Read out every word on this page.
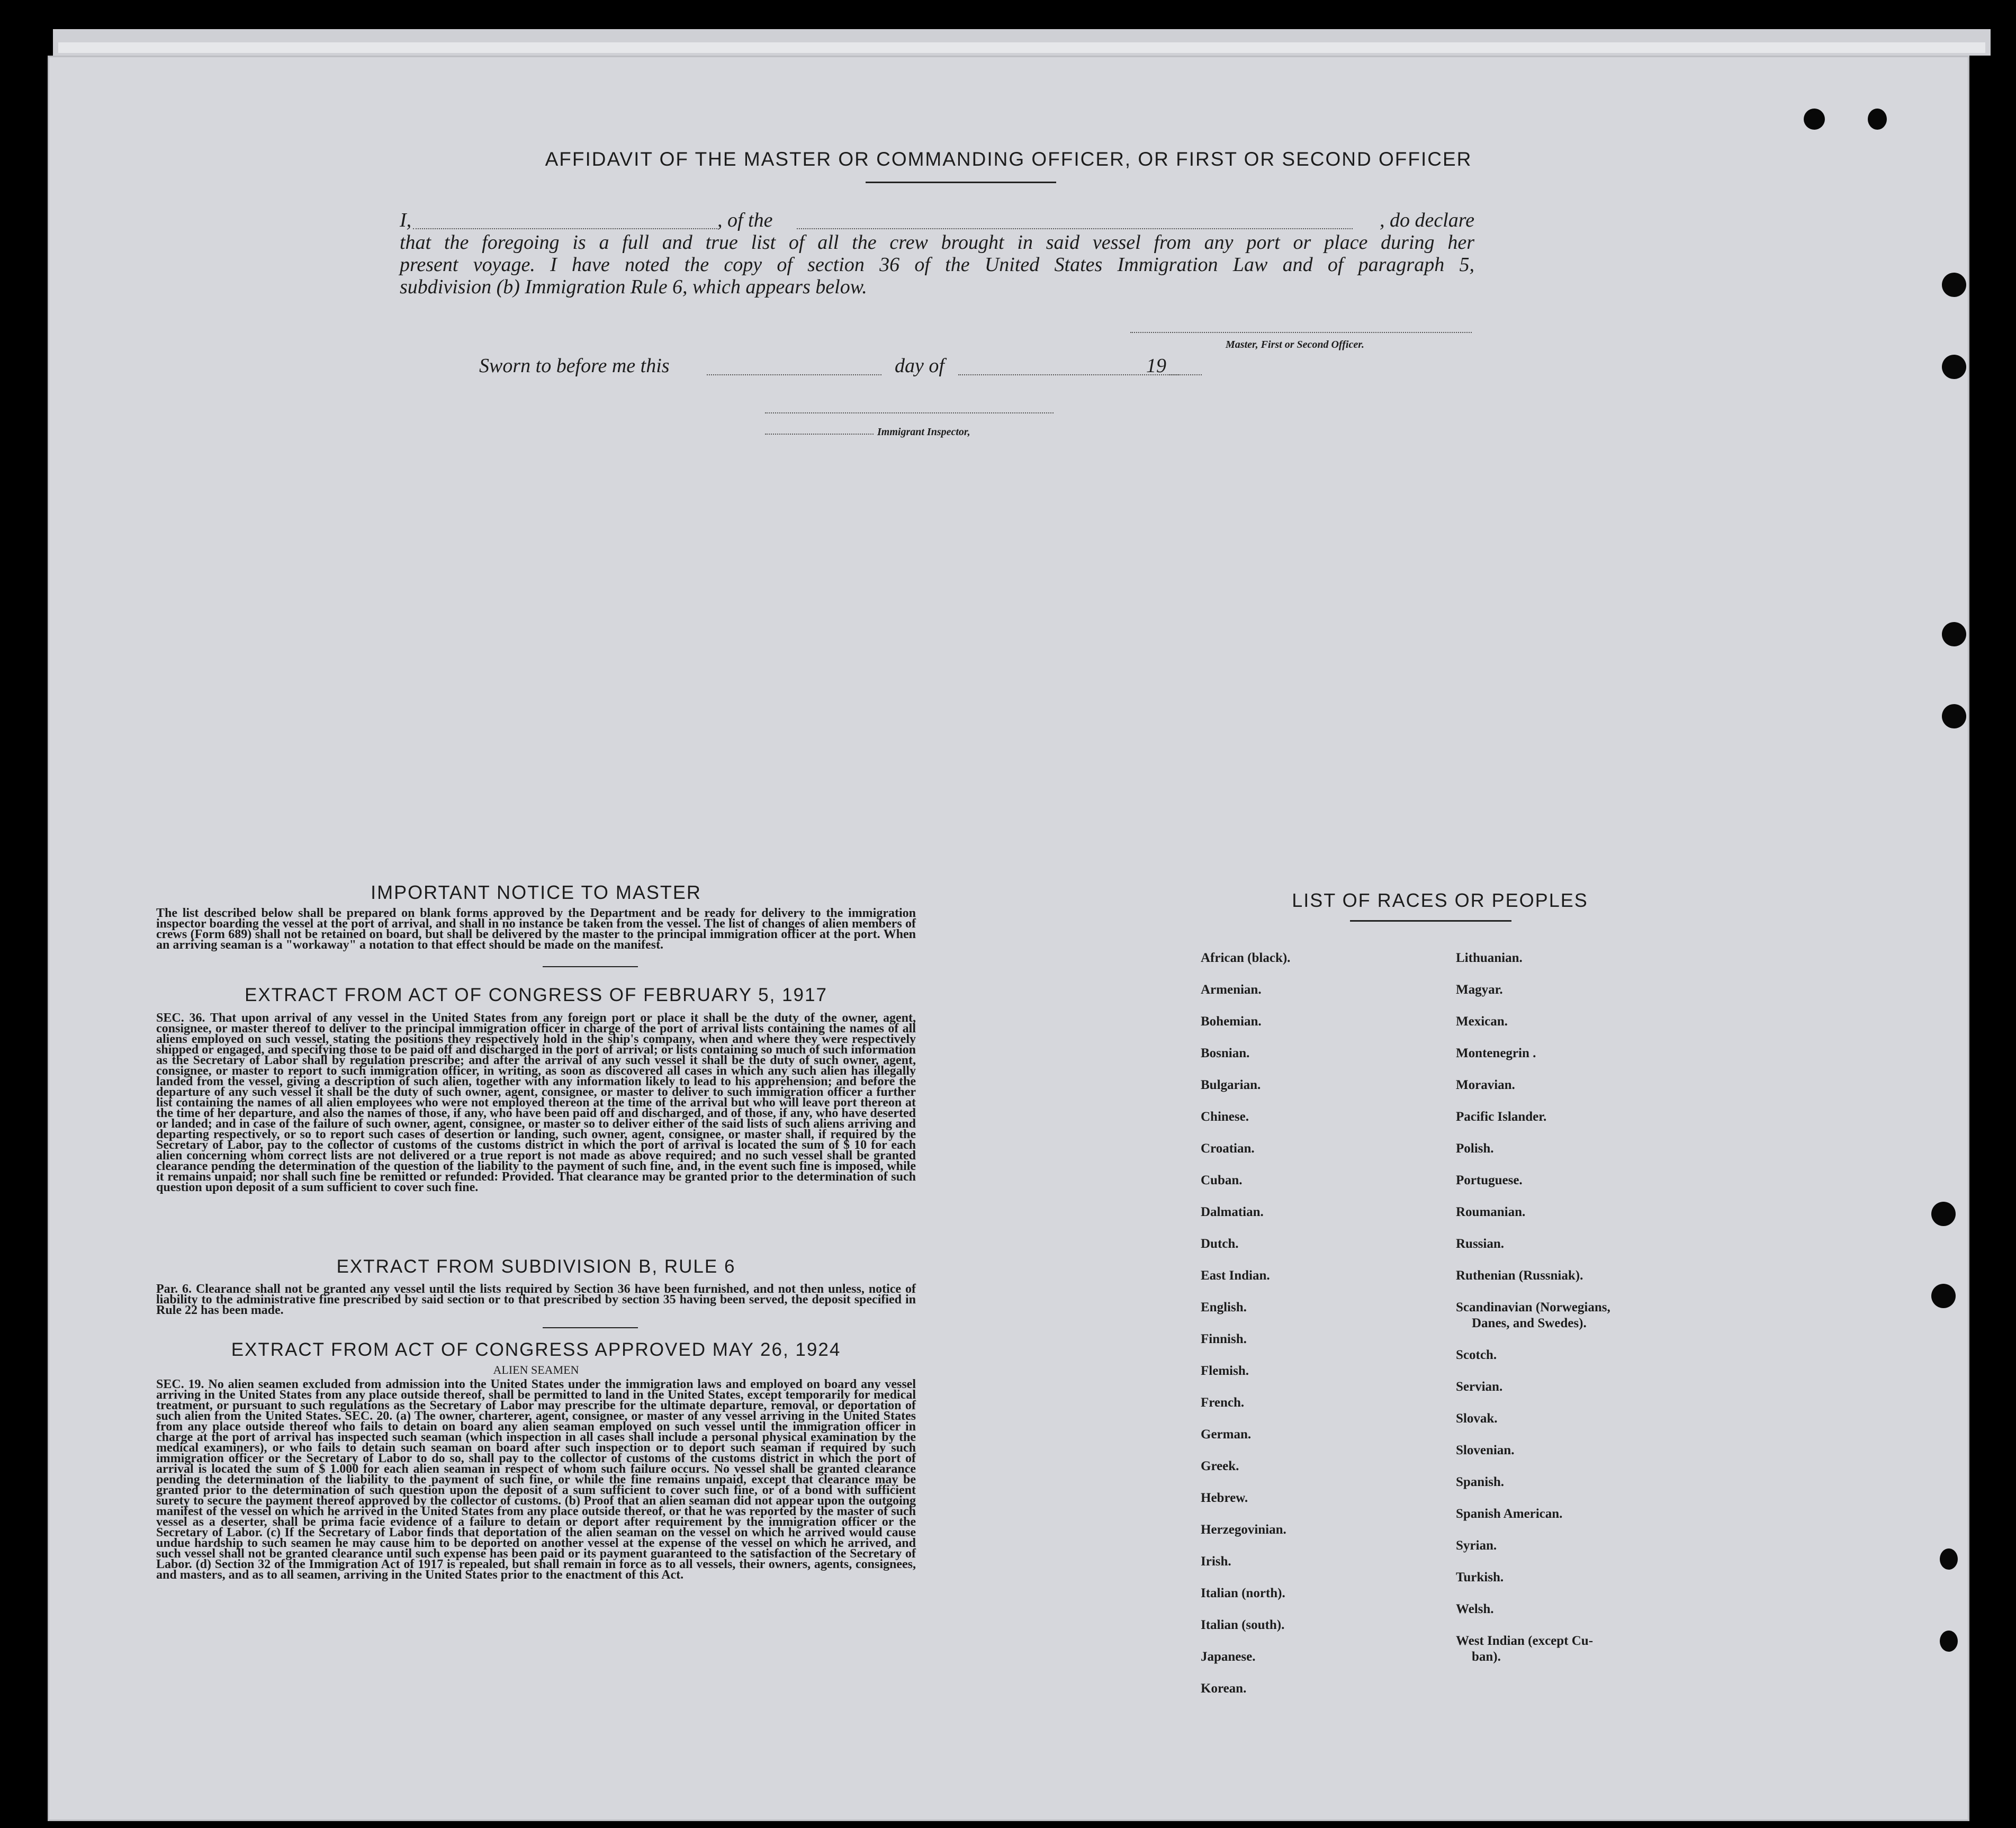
AFFIDAVIT OF THE MASTER OR COMMANDING OFFICER, OR FIRST OR SECOND OFFICER
I,	, of the	, do declare
that the foregoing is a full and true list of all the crew brought in said vessel from any port or place during her
present voyage. I have noted the copy of section 36 of the United States Immigration Law and of paragraph 5,
subdivision (b) Immigration Rule 6, which appears below.
Master, First or Second Officer.
Sworn to before me this	day of	19
Immigrant Inspector,
IMPORTANT NOTICE TO MASTER
The list described below shall be prepared on blank forms approved by the Department and be ready for delivery to the immigration inspector boarding the vessel at the port of arrival, and shall in no instance be taken from the vessel. The list of changes of alien members of crews (Form 689) shall not be retained on board, but shall be delivered by the master to the principal immigration officer at the port. When an arriving seaman is a "workaway" a notation to that effect should be made on the manifest.
EXTRACT FROM ACT OF CONGRESS OF FEBRUARY 5, 1917
SEC. 36. That upon arrival of any vessel in the United States from any foreign port or place it shall be the duty of the owner, agent, consignee, or master thereof to deliver to the principal immigration officer in charge of the port of arrival lists containing the names of all aliens employed on such vessel, stating the positions they respectively hold in the ship's company, when and where they were respectively shipped or engaged, and specifying those to be paid off and discharged in the port of arrival; or lists containing so much of such information as the Secretary of Labor shall by regulation prescribe; and after the arrival of any such vessel it shall be the duty of such owner, agent, consignee, or master to report to such immigration officer, in writing, as soon as discovered all cases in which any such alien has illegally landed from the vessel, giving a description of such alien, together with any information likely to lead to his apprehension; and before the departure of any such vessel it shall be the duty of such owner, agent, consignee, or master to deliver to such immigration officer a further list containing the names of all alien employees who were not employed thereon at the time of the arrival but who will leave port thereon at the time of her departure, and also the names of those, if any, who have been paid off and discharged, and of those, if any, who have deserted or landed; and in case of the failure of such owner, agent, consignee, or master so to deliver either of the said lists of such aliens arriving and departing respectively, or so to report such cases of desertion or landing, such owner, agent, consignee, or master shall, if required by the Secretary of Labor, pay to the collector of customs of the customs district in which the port of arrival is located the sum of $ 10 for each alien concerning whom correct lists are not delivered or a true report is not made as above required; and no such vessel shall be granted clearance pending the determination of the question of the liability to the payment of such fine, and, in the event such fine is imposed, while it remains unpaid; nor shall such fine be remitted or refunded: Provided. That clearance may be granted prior to the determination of such question upon deposit of a sum sufficient to cover such fine.
EXTRACT FROM SUBDIVISION B, RULE 6
Par. 6. Clearance shall not be granted any vessel until the lists required by Section 36 have been furnished, and not then unless, notice of liability to the administrative fine prescribed by said section or to that prescribed by section 35 having been served, the deposit specified in Rule 22 has been made.
EXTRACT FROM ACT OF CONGRESS APPROVED MAY 26, 1924
ALIEN SEAMEN
SEC. 19. No alien seamen excluded from admission into the United States under the immigration laws and employed on board any vessel arriving in the United States from any place outside thereof, shall be permitted to land in the United States, except temporarily for medical treatment, or pursuant to such regulations as the Secretary of Labor may prescribe for the ultimate departure, removal, or deportation of such alien from the United States. SEC. 20. (a) The owner, charterer, agent, consignee, or master of any vessel arriving in the United States from any place outside thereof who fails to detain on board any alien seaman employed on such vessel until the immigration officer in charge at the port of arrival has inspected such seaman (which inspection in all cases shall include a personal physical examination by the medical examiners), or who fails to detain such seaman on board after such inspection or to deport such seaman if required by such immigration officer or the Secretary of Labor to do so, shall pay to the collector of customs of the customs district in which the port of arrival is located the sum of $ 1.000 for each alien seaman in respect of whom such failure occurs. No vessel shall be granted clearance pending the determination of the liability to the payment of such fine, or while the fine remains unpaid, except that clearance may be granted prior to the determination of such question upon the deposit of a sum sufficient to cover such fine, or of a bond with sufficient surety to secure the payment thereof approved by the collector of customs. (b) Proof that an alien seaman did not appear upon the outgoing manifest of the vessel on which he arrived in the United States from any place outside thereof, or that he was reported by the master of such vessel as a deserter, shall be prima facie evidence of a failure to detain or deport after requirement by the immigration officer or the Secretary of Labor. (c) If the Secretary of Labor finds that deportation of the alien seaman on the vessel on which he arrived would cause undue hardship to such seamen he may cause him to be deported on another vessel at the expense of the vessel on which he arrived, and such vessel shall not be granted clearance until such expense has been paid or its payment guaranteed to the satisfaction of the Secretary of Labor. (d) Section 32 of the Immigration Act of 1917 is repealed, but shall remain in force as to all vessels, their owners, agents, consignees, and masters, and as to all seamen, arriving in the United States prior to the enactment of this Act.
LIST OF RACES OR PEOPLES
African (black).
Armenian.
Bohemian.
Bosnian.
Bulgarian.
Chinese.
Croatian.
Cuban.
Dalmatian.
Dutch.
East Indian.
English.
Finnish.
Flemish.
French.
German.
Greek.
Hebrew.
Herzegovinian.
Irish.
Italian (north).
Italian (south).
Japanese.
Korean.
Lithuanian.
Magyar.
Mexican.
Montenegrin .
Moravian.
Pacific Islander.
Polish.
Portuguese.
Roumanian.
Russian.
Ruthenian (Russniak).
Scandinavian (Norwegians,
Danes, and Swedes).
Scotch.
Servian.
Slovak.
Slovenian.
Spanish.
Spanish American.
Syrian.
Turkish.
Welsh.
West Indian (except Cu-
ban).
